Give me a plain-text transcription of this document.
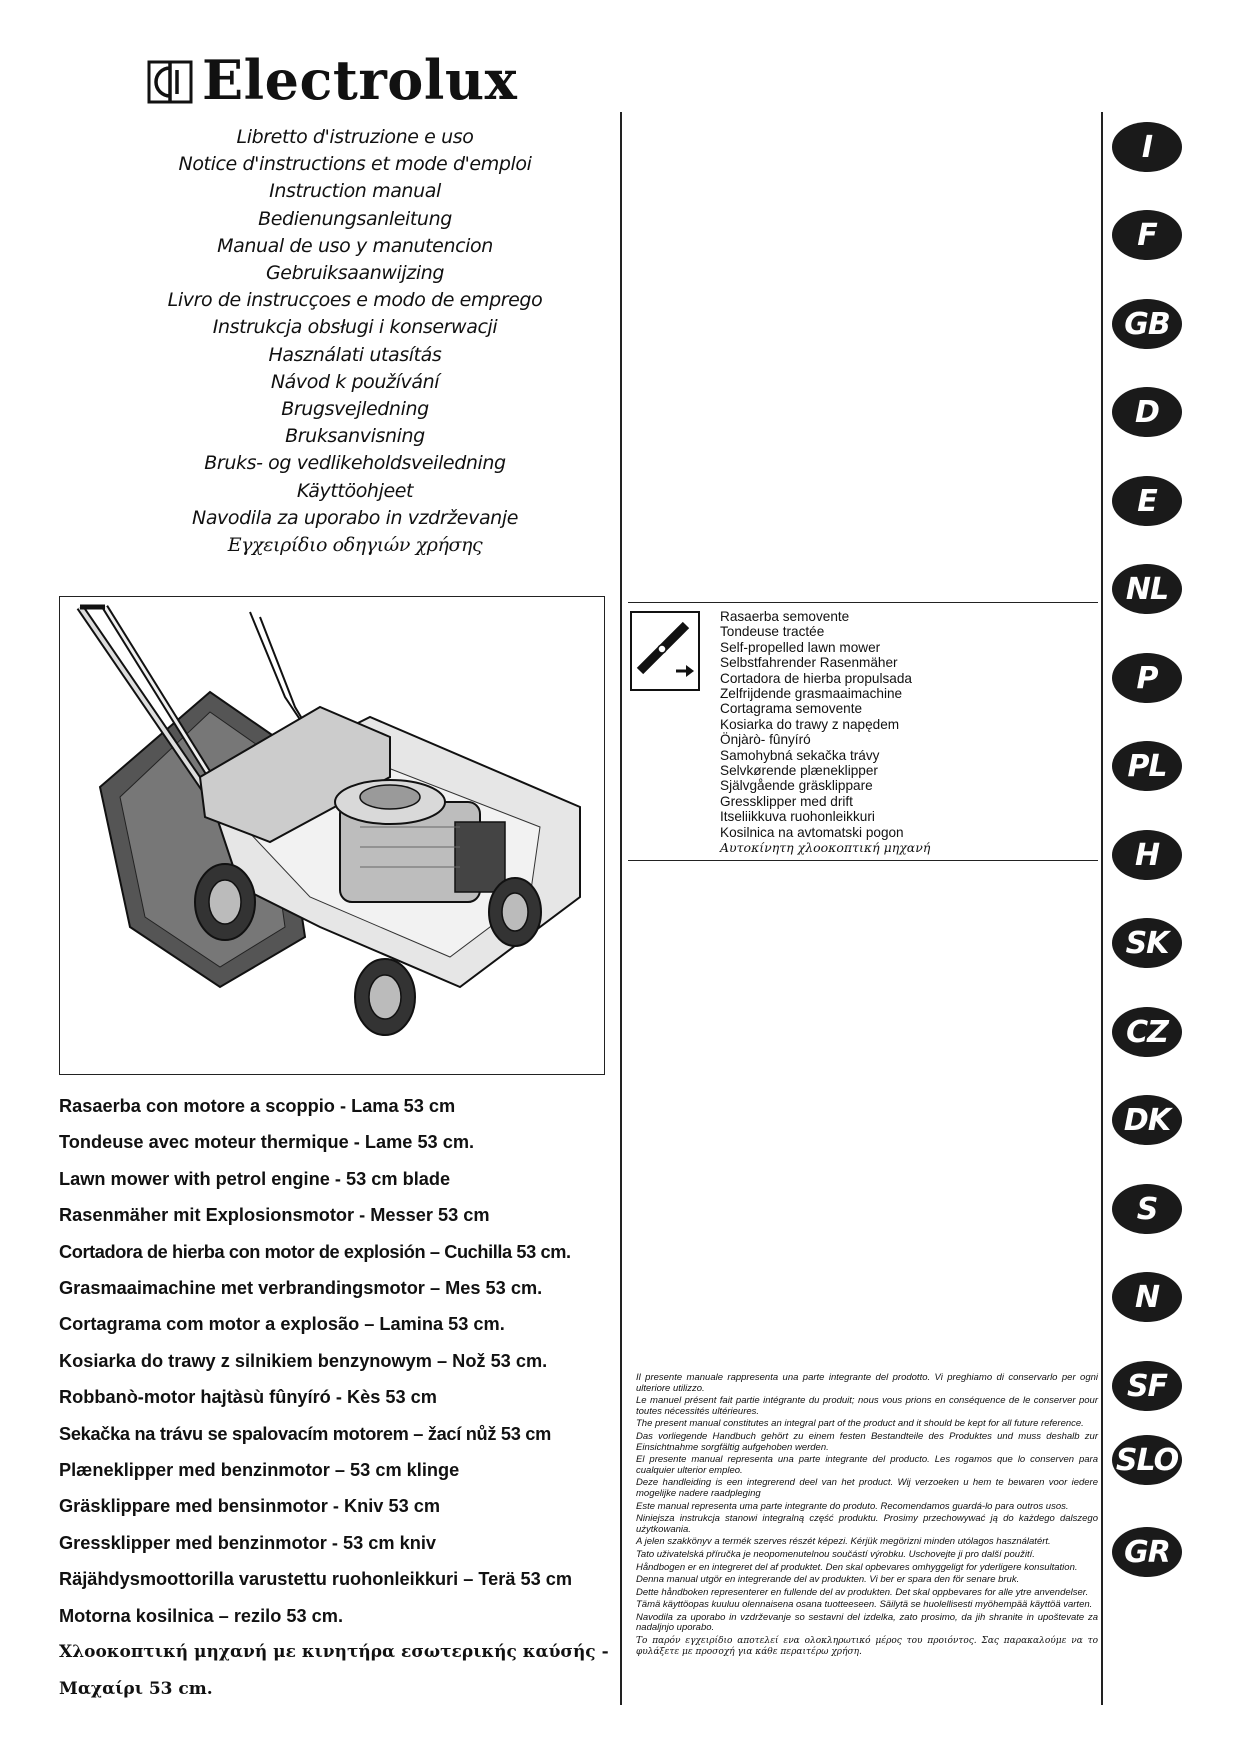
Electrolux
Libretto d'istruzione e uso
Notice d'instructions et mode d'emploi
Instruction manual
Bedienungsanleitung
Manual de uso y manutencion
Gebruiksaanwijzing
Livro de instrucçoes e modo de emprego
Instrukcja obsługi i konserwacji
Használati utasítás
Návod k používání
Brugsvejledning
Bruksanvisning
Bruks- og vedlikeholdsveiledning
Käyttöohjeet
Navodila za uporabo in vzdrževanje
Εγχειρίδιο οδηγιών χρήσης
Rasaerba semovente
Tondeuse tractée
Self-propelled lawn mower
Selbstfahrender Rasenmäher
Cortadora de hierba propulsada
Zelfrijdende grasmaaimachine
Cortagrama semovente
Kosiarka do trawy z napędem
Önjàrò- fûnyíró
Samohybná sekačka trávy
Selvkørende plæneklipper
Självgående gräsklippare
Gressklipper med drift
Itseliikkuva ruohonleikkuri
Kosilnica na avtomatski pogon
Αυτοκίνητη χλοοκοπτική μηχανή
Rasaerba con motore a scoppio - Lama 53 cm
Tondeuse avec moteur thermique - Lame 53 cm.
Lawn mower with petrol engine - 53 cm blade
Rasenmäher mit Explosionsmotor - Messer 53 cm
Cortadora de hierba con motor de explosión – Cuchilla 53 cm.
Grasmaaimachine met verbrandingsmotor – Mes 53 cm.
Cortagrama com motor a explosão – Lamina 53 cm.
Kosiarka do trawy z silnikiem benzynowym – Nož 53 cm.
Robbanò-motor hajtàsù fûnyíró - Kès 53 cm
Sekačka na trávu se spalovacím motorem – žací nůž 53 cm
Plæneklipper med benzinmotor – 53 cm klinge
Gräsklippare med bensinmotor - Kniv 53 cm
Gressklipper med benzinmotor - 53 cm kniv
Räjähdysmoottorilla varustettu ruohonleikkuri – Terä 53 cm
Motorna kosilnica – rezilo 53 cm.
Χλοοκοπτική μηχανή με κινητήρα εσωτερικής καύσής -
Μαχαίρι 53 cm.

Il presente manuale rappresenta una parte integrante del prodotto. Vi preghiamo di conservarlo per ogni ulteriore utilizzo.

Le manuel présent fait partie intégrante du produit; nous vous prions en conséquence de le conserver pour toutes nécessités ultérieures.

The present manual constitutes an integral part of the product and it should be kept for all future reference.

Das vorliegende Handbuch gehört zu einem festen Bestandteile des Produktes und muss deshalb zur Einsichtnahme sorgfältig aufgehoben werden.

El presente manual representa una parte integrante del producto. Les rogamos que lo conserven para cualquier ulterior empleo.

Deze handleiding is een integrerend deel van het product. Wij verzoeken u hem te bewaren voor iedere mogelijke nadere raadpleging

Este manual representa uma parte integrante do produto. Recomendamos guardá-lo para outros usos.

Niniejsza instrukcja stanowi integralną część produktu. Prosimy przechowywać ją do każdego dalszego użytkowania.

A jelen szakkönyv a termék szerves részét képezi. Kérjük megörizni minden utólagos használatért.

Tato uživatelská příručka je neopomenutelnou součástí výrobku. Uschovejte ji pro další použití.

Håndbogen er en integreret del af produktet. Den skal opbevares omhyggeligt for yderligere konsultation.

Denna manual utgör en integrerande del av produkten. Vi ber er spara den för senare bruk.

Dette håndboken representerer en fullende del av produkten. Det skal oppbevares for alle ytre anvendelser.

Tämä käyttöopas kuuluu olennaisena osana tuotteeseen. Säilytä se huolellisesti myöhempää käyttöä varten.

Navodila za uporabo in vzdrževanje so sestavni del izdelka, zato prosimo, da jih shranite in upoštevate za nadaljnjo uporabo.

Το παρόν εγχειρίδιο αποτελεί ενα ολοκληρωτικό μέρος του προιόντος. Σας παρακαλούμε να το φυλάξετε με προσοχή για κάθε περαιτέρω χρήση.

I
F
GB
D
E
NL
P
PL
H
SK
CZ
DK
S
N
SF
SLO
GR
